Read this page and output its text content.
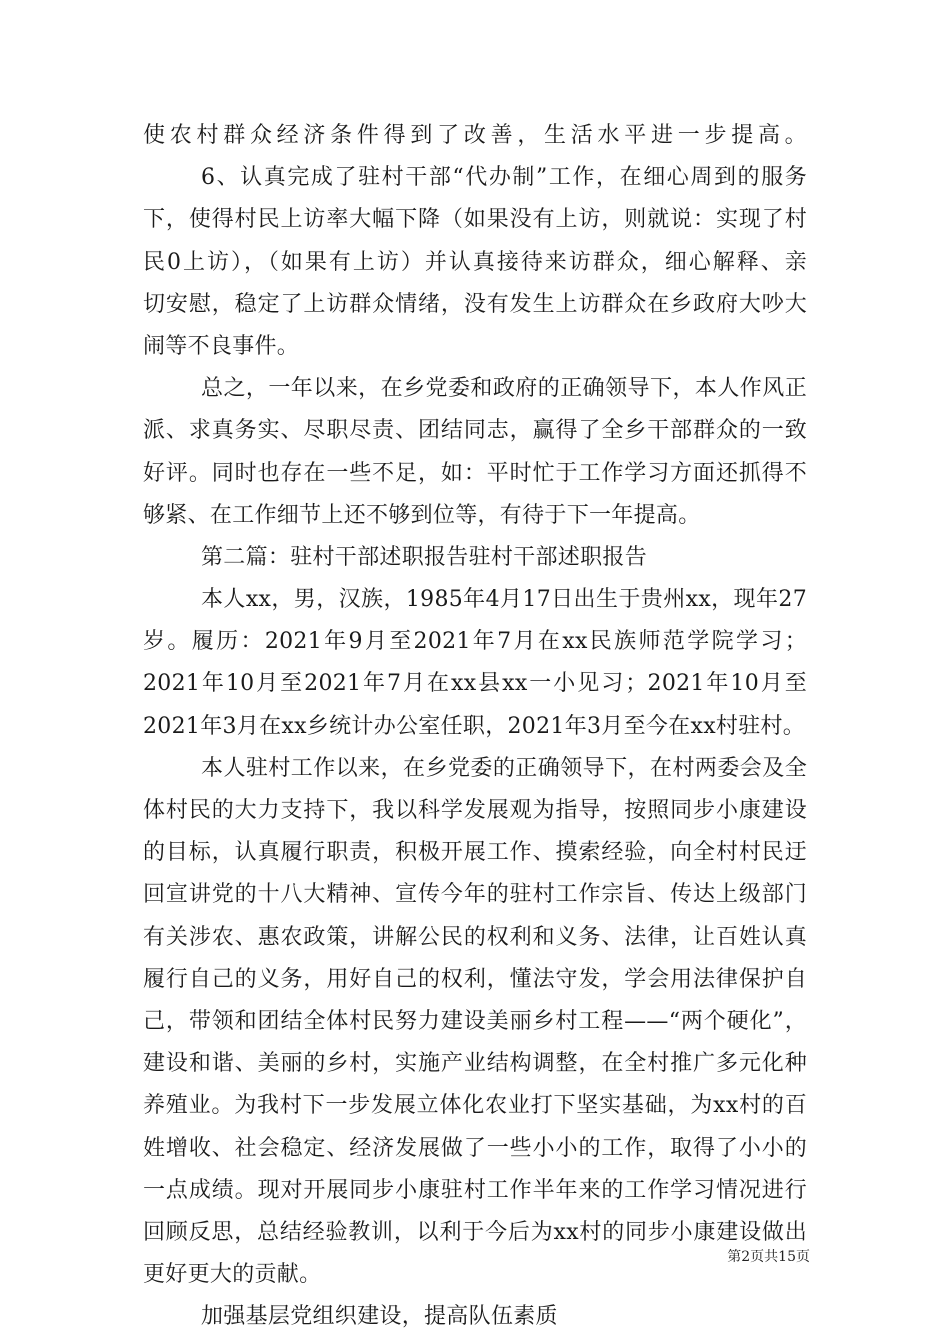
使农村群众经济条件得到了改善，生活水平进一步提高。
6、认真完成了驻村干部“代办制”工作，在细心周到的服务
下，使得村民上访率大幅下降（如果没有上访，则就说：实现了村
民0上访），（如果有上访）并认真接待来访群众，细心解释、亲
切安慰，稳定了上访群众情绪，没有发生上访群众在乡政府大吵大
闹等不良事件。
总之，一年以来，在乡党委和政府的正确领导下，本人作风正
派、求真务实、尽职尽责、团结同志，赢得了全乡干部群众的一致
好评。同时也存在一些不足，如：平时忙于工作学习方面还抓得不
够紧、在工作细节上还不够到位等，有待于下一年提高。
第二篇：驻村干部述职报告驻村干部述职报告
本人xx，男，汉族，1985年4月17日出生于贵州xx，现年27
岁。履历：2021年9月至2021年7月在xx民族师范学院学习；
2021年10月至2021年7月在xx县xx一小见习；2021年10月至
2021年3月在xx乡统计办公室任职，2021年3月至今在xx村驻村。
本人驻村工作以来，在乡党委的正确领导下，在村两委会及全
体村民的大力支持下，我以科学发展观为指导，按照同步小康建设
的目标，认真履行职责，积极开展工作、摸索经验，向全村村民迂
回宣讲党的十八大精神、宣传今年的驻村工作宗旨、传达上级部门
有关涉农、惠农政策，讲解公民的权利和义务、法律，让百姓认真
履行自己的义务，用好自己的权利，懂法守发，学会用法律保护自
己，带领和团结全体村民努力建设美丽乡村工程——“两个硬化”，
建设和谐、美丽的乡村，实施产业结构调整，在全村推广多元化种
养殖业。为我村下一步发展立体化农业打下坚实基础，为xx村的百
姓增收、社会稳定、经济发展做了一些小小的工作，取得了小小的
一点成绩。现对开展同步小康驻村工作半年来的工作学习情况进行
回顾反思，总结经验教训，以利于今后为xx村的同步小康建设做出
更好更大的贡献。
加强基层党组织建设，提高队伍素质
第2页共15页
